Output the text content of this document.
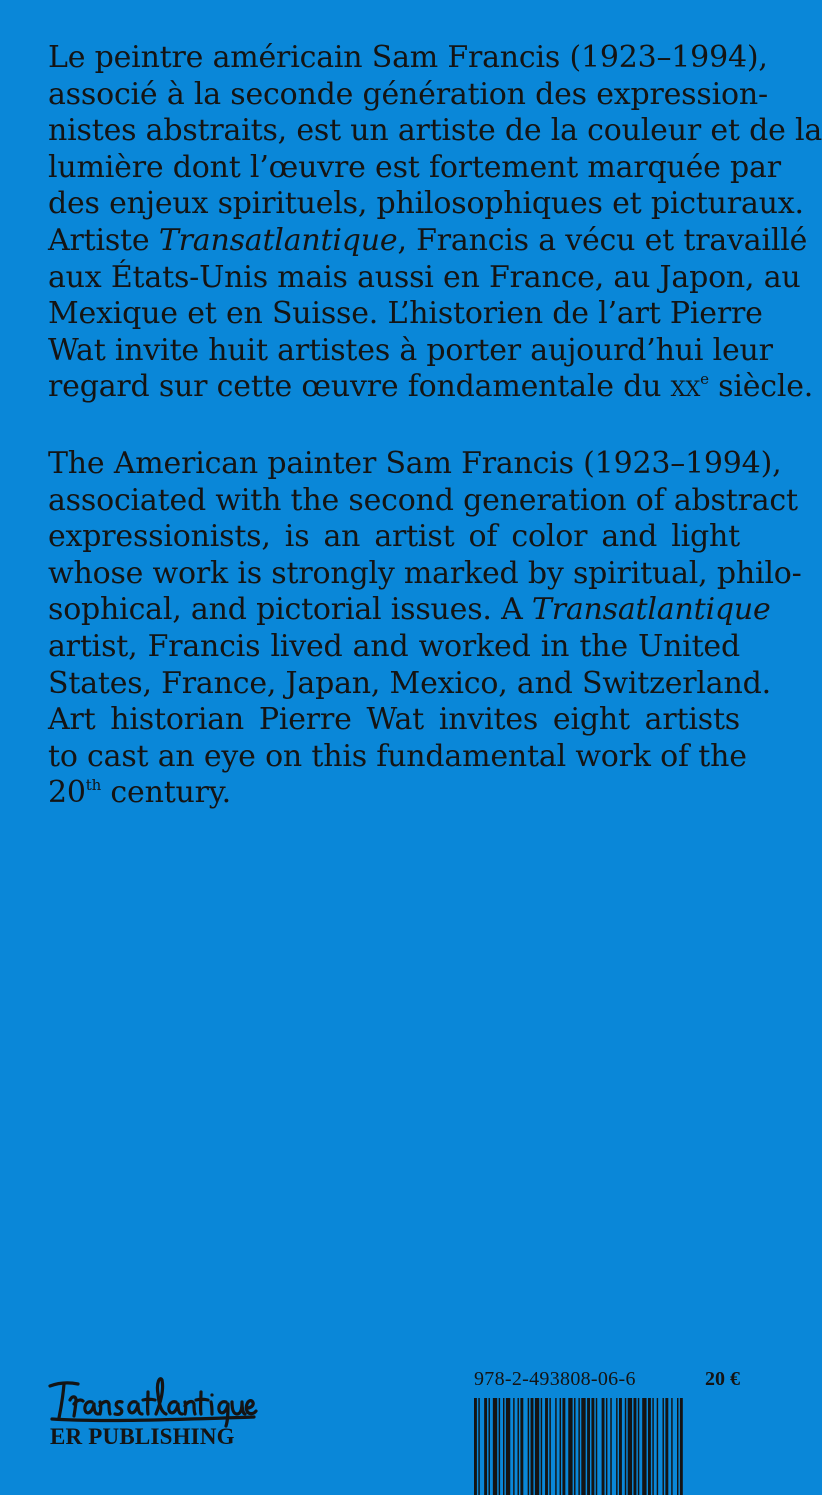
Le peintre américain Sam Francis (1923–1994),
associé à la seconde génération des expression-
nistes abstraits, est un artiste de la couleur et de la
lumière dont l’œuvre est fortement marquée par
des enjeux spirituels, philosophiques et picturaux.
Artiste Transatlantique, Francis a vécu et travaillé
aux États-Unis mais aussi en France, au Japon, au
Mexique et en Suisse. L’historien de l’art Pierre
Wat invite huit artistes à porter aujourd’hui leur
regard sur cette œuvre fondamentale du $xx^e$ siècle.
The American painter Sam Francis (1923–1994),
associated with the second generation of abstract
expressionists, is an artist of color and light
whose work is strongly marked by spiritual, philo-
sophical, and pictorial issues. A Transatlantique
artist, Francis lived and worked in the United
States, France, Japan, Mexico, and Switzerland.
Art historian Pierre Wat invites eight artists
to cast an eye on this fundamental work of the
20th century.
ER PUBLISHING
978-2-493808-06-6	20 €
